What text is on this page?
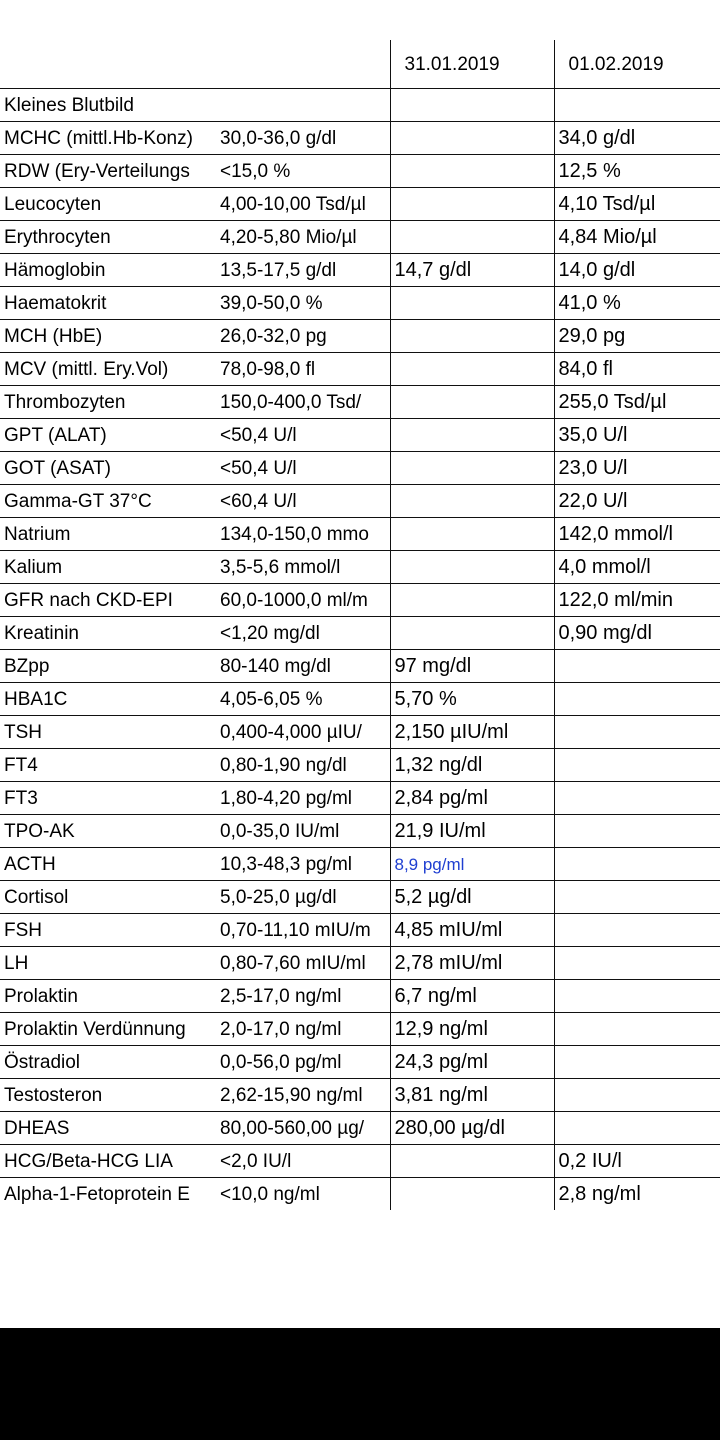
		31.01.2019	01.02.2019
Kleines Blutbild			
MCHC (mittl.Hb-Konz)	30,0-36,0 g/dl		34,0 g/dl
RDW (Ery-Verteilungs	<15,0 %		12,5 %
Leucocyten	4,00-10,00 Tsd/µl		4,10 Tsd/µl
Erythrocyten	4,20-5,80 Mio/µl		4,84 Mio/µl
Hämoglobin	13,5-17,5 g/dl	14,7 g/dl	14,0 g/dl
Haematokrit	39,0-50,0 %		41,0 %
MCH (HbE)	26,0-32,0 pg		29,0 pg
MCV (mittl. Ery.Vol)	78,0-98,0 fl		84,0 fl
Thrombozyten	150,0-400,0 Tsd/		255,0 Tsd/µl
GPT (ALAT)	<50,4 U/l		35,0 U/l
GOT (ASAT)	<50,4 U/l		23,0 U/l
Gamma-GT 37°C	<60,4 U/l		22,0 U/l
Natrium	134,0-150,0 mmo		142,0 mmol/l
Kalium	3,5-5,6 mmol/l		4,0 mmol/l
GFR nach CKD-EPI	60,0-1000,0 ml/m		122,0 ml/min
Kreatinin	<1,20 mg/dl		0,90 mg/dl
BZpp	80-140 mg/dl	97 mg/dl	
HBA1C	4,05-6,05 %	5,70 %	
TSH	0,400-4,000 µIU/	2,150 µIU/ml	
FT4	0,80-1,90 ng/dl	1,32 ng/dl	
FT3	1,80-4,20 pg/ml	2,84 pg/ml	
TPO-AK	0,0-35,0 IU/ml	21,9 IU/ml	
ACTH	10,3-48,3 pg/ml	8,9 pg/ml	
Cortisol	5,0-25,0 µg/dl	5,2 µg/dl	
FSH	0,70-11,10 mIU/m	4,85 mIU/ml	
LH	0,80-7,60 mIU/ml	2,78 mIU/ml	
Prolaktin	2,5-17,0 ng/ml	6,7 ng/ml	
Prolaktin Verdünnung	2,0-17,0 ng/ml	12,9 ng/ml	
Östradiol	0,0-56,0 pg/ml	24,3 pg/ml	
Testosteron	2,62-15,90 ng/ml	3,81 ng/ml	
DHEAS	80,00-560,00 µg/	280,00 µg/dl	
HCG/Beta-HCG LIA	<2,0 IU/l		0,2 IU/l
Alpha-1-Fetoprotein E	<10,0 ng/ml		2,8 ng/ml
